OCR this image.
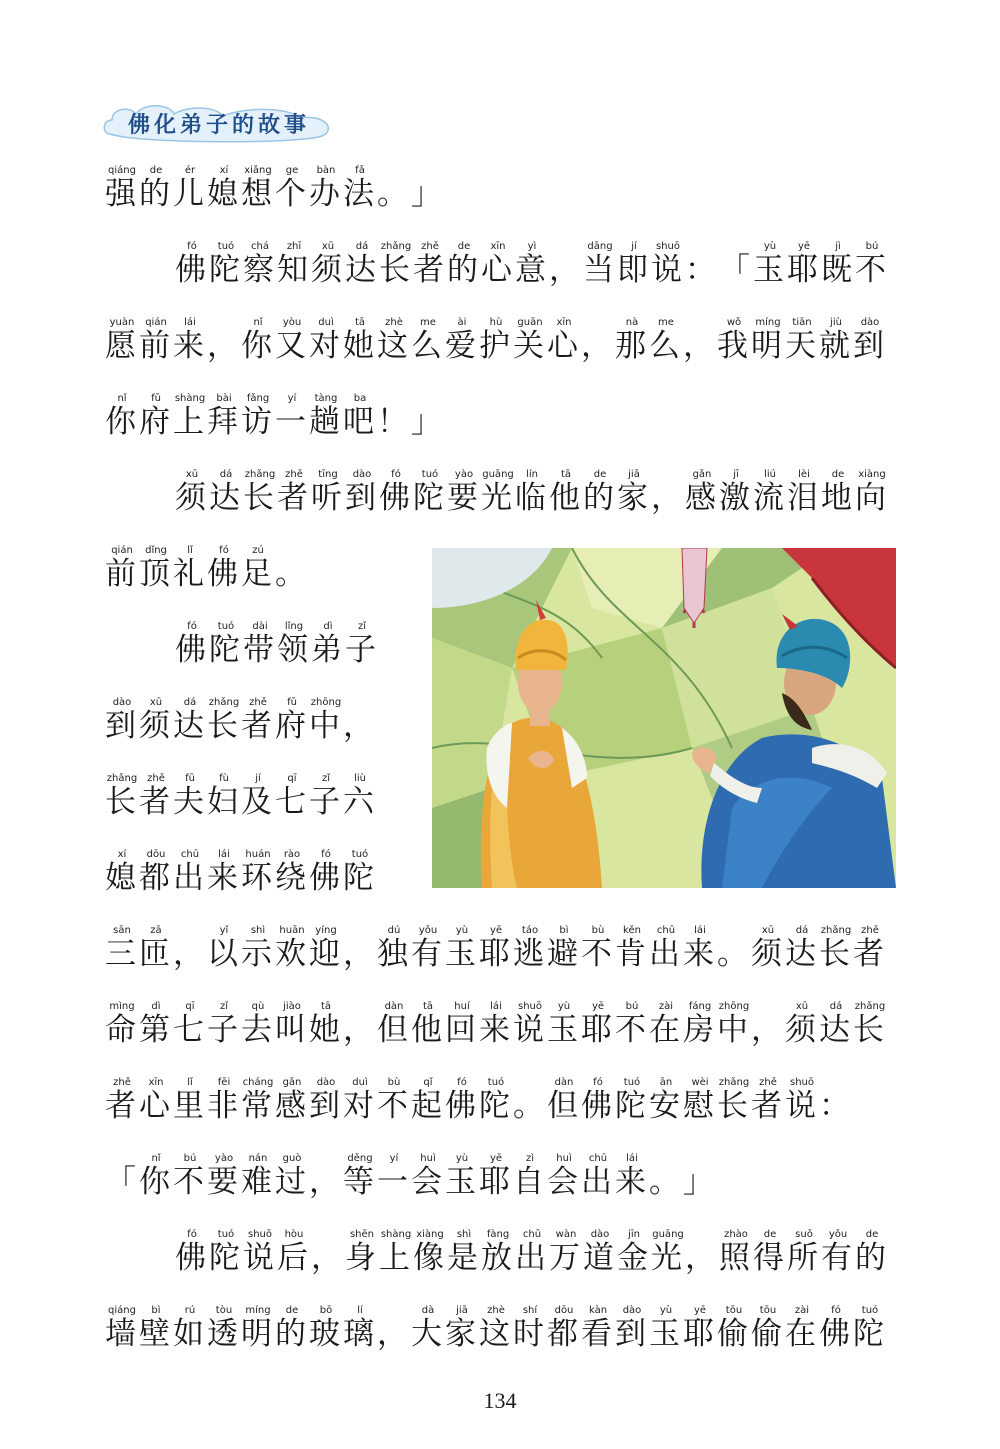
佛化弟子的故事
强qiáng
的de
儿ér
媳xí
想xiǎng
个ge
办bàn
法fǎ
。 」
佛fó
陀tuó
察chá
知zhī
须xū
达dá
长zhǎng
者zhě
的de
心xīn
意yì
， 当dāng
即jí
说shuō
： 「 玉yù
耶yē
既jì
不bú
愿yuàn
前qián
来lái
， 你nǐ
又yòu
对duì
她tā
这zhè
么me
爱ài
护hù
关guān
心xīn
， 那nà
么me
， 我wǒ
明míng
天tiān
就jiù
到dào
你nǐ
府fǔ
上shàng
拜bài
访fǎng
一yí
趟tàng
吧ba
！ 」
须xū
达dá
长zhǎng
者zhě
听tīng
到dào
佛fó
陀tuó
要yào
光guāng
临lín
他tā
的de
家jiā
， 感gǎn
激jī
流liú
泪lèi
地de
向xiàng
前qián
顶dǐng
礼lǐ
佛fó
足zú
。
佛fó
陀tuó
带dài
领lǐng
弟dì
子zǐ
到dào
须xū
达dá
长zhǎng
者zhě
府fǔ
中zhōng
，
长zhǎng
者zhě
夫fū
妇fù
及jí
七qī
子zǐ
六liù
媳xí
都dōu
出chū
来lái
环huán
绕rào
佛fó
陀tuó
三sān
匝zā
， 以yǐ
示shì
欢huān
迎yíng
， 独dú
有yǒu
玉yù
耶yē
逃táo
避bì
不bù
肯kěn
出chū
来lái
。 须xū
达dá
长zhǎng
者zhě
命mìng
第dì
七qī
子zǐ
去qù
叫jiào
她tā
， 但dàn
他tā
回huí
来lái
说shuō
玉yù
耶yē
不bú
在zài
房fáng
中zhōng
， 须xū
达dá
长zhǎng
者zhě
心xīn
里lǐ
非fēi
常cháng
感gǎn
到dào
对duì
不bù
起qǐ
佛fó
陀tuó
。 但dàn
佛fó
陀tuó
安ān
慰wèi
长zhǎng
者zhě
说shuō
：
「 你nǐ
不bú
要yào
难nán
过guò
， 等děng
一yí
会huì
玉yù
耶yē
自zì
会huì
出chū
来lái
。 」
佛fó
陀tuó
说shuō
后hòu
， 身shēn
上shàng
像xiàng
是shì
放fàng
出chū
万wàn
道dào
金jīn
光guāng
， 照zhào
得de
所suǒ
有yǒu
的de
墙qiáng
壁bì
如rú
透tòu
明míng
的de
玻bō
璃lí
， 大dà
家jiā
这zhè
时shí
都dōu
看kàn
到dào
玉yù
耶yē
偷tōu
偷tōu
在zài
佛fó
陀tuó
134
